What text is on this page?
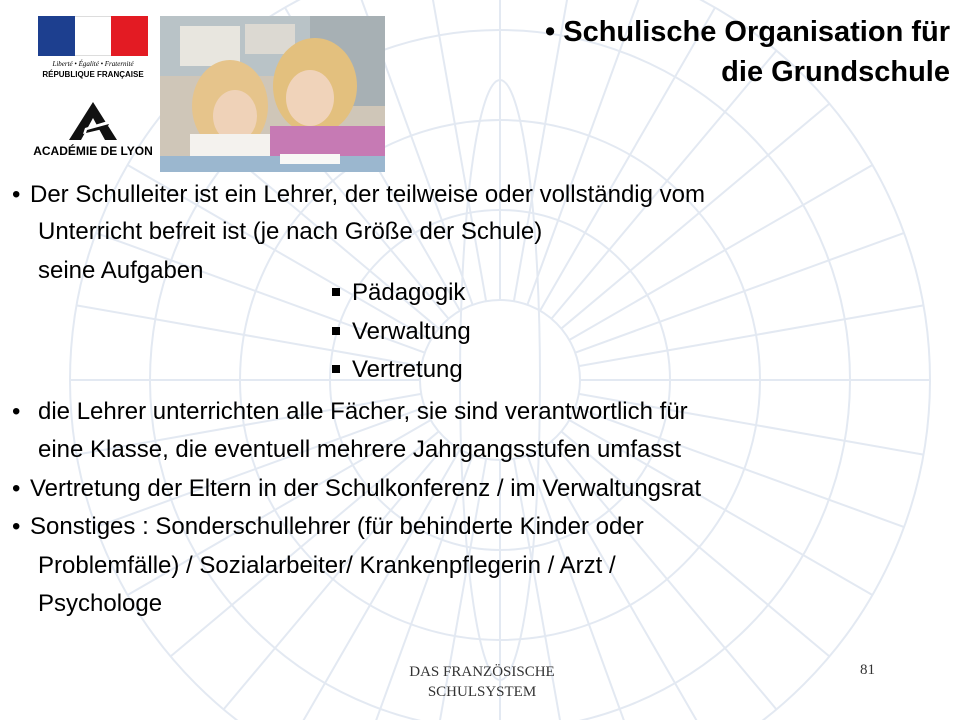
Liberté • Égalité • Fraternité
RÉPUBLIQUE FRANÇAISE
ACADÉMIE DE LYON
• Schulische Organisation für
die Grundschule
• Der Schulleiter ist ein Lehrer, der teilweise oder vollständig vom
Unterricht befreit ist (je nach Größe der Schule)
seine Aufgaben
Pädagogik
Verwaltung
Vertretung
• die Lehrer unterrichten alle Fächer, sie sind verantwortlich für
eine Klasse, die eventuell mehrere Jahrgangsstufen umfasst
• Vertretung der Eltern in der Schulkonferenz / im Verwaltungsrat
• Sonstiges : Sonderschullehrer (für behinderte Kinder oder
Problemfälle) / Sozialarbeiter/ Krankenpflegerin / Arzt /
Psychologe
DAS FRANZÖSISCHE
SCHULSYSTEM
81
